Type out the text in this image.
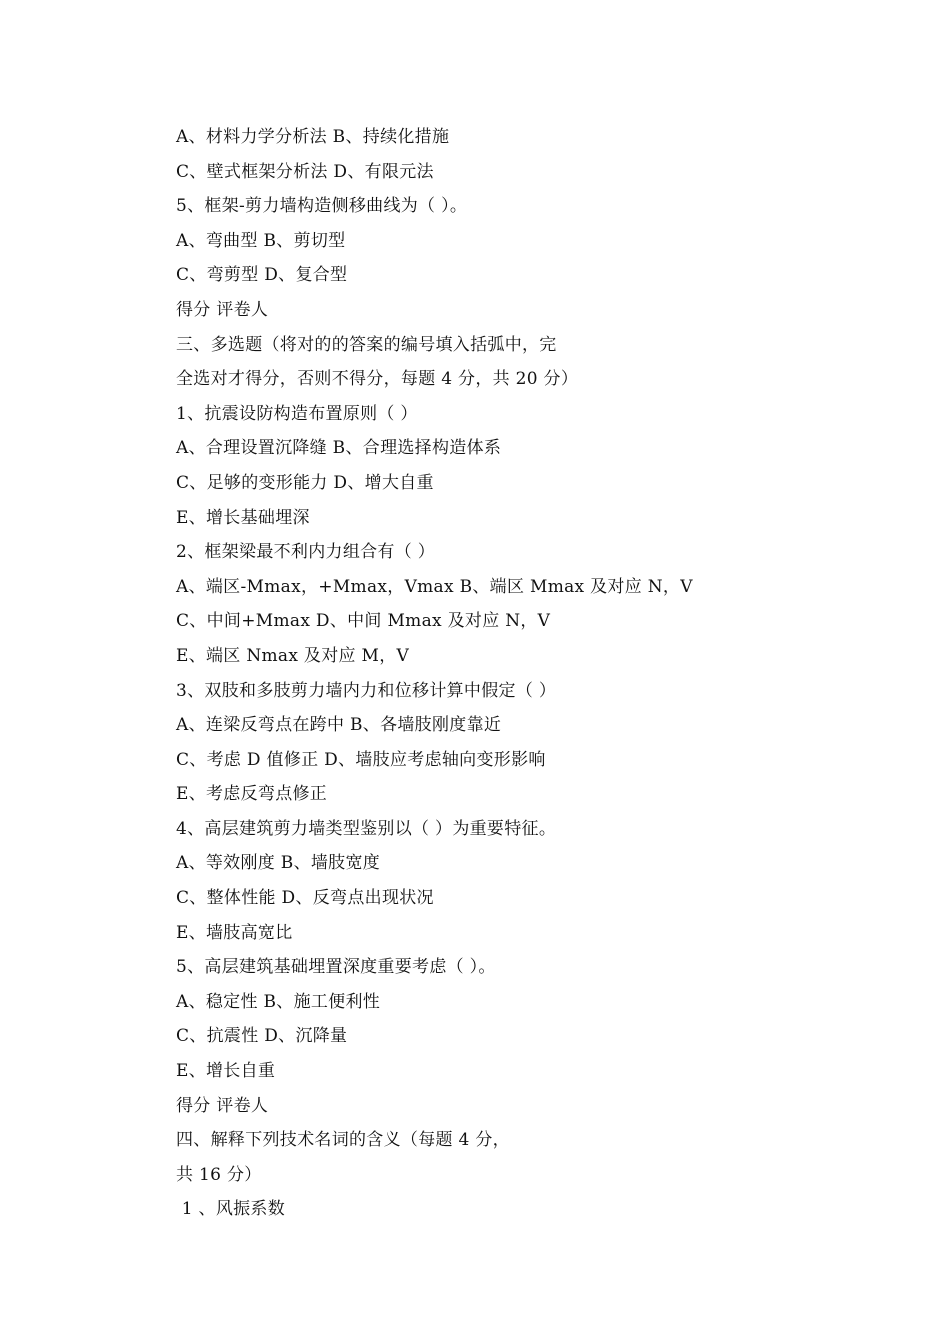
A、材料力学分析法 B、持续化措施
C、壁式框架分析法 D、有限元法
5、框架-剪力墙构造侧移曲线为（ ）。
A、弯曲型 B、剪切型
C、弯剪型 D、复合型
得分 评卷人
三、多选题（将对的的答案的编号填入括弧中，完
全选对才得分，否则不得分，每题 4 分，共 20 分）
1、抗震设防构造布置原则（ ）
A、合理设置沉降缝 B、合理选择构造体系
C、足够的变形能力 D、增大自重
E、增长基础埋深
2、框架梁最不利内力组合有（ ）
A、端区-Mmax，+Mmax，Vmax B、端区 Mmax 及对应 N，V
C、中间+Mmax D、中间 Mmax 及对应 N，V
E、端区 Nmax 及对应 M，V
3、双肢和多肢剪力墙内力和位移计算中假定（ ）
A、连梁反弯点在跨中 B、各墙肢刚度靠近
C、考虑 D 值修正 D、墙肢应考虑轴向变形影响
E、考虑反弯点修正
4、高层建筑剪力墙类型鉴别以（ ）为重要特征。
A、等效刚度 B、墙肢宽度
C、整体性能 D、反弯点出现状况
E、墙肢高宽比
5、高层建筑基础埋置深度重要考虑（ ）。
A、稳定性 B、施工便利性
C、抗震性 D、沉降量
E、增长自重
得分 评卷人
四、解释下列技术名词的含义（每题 4 分，
共 16 分）
1 、风振系数
